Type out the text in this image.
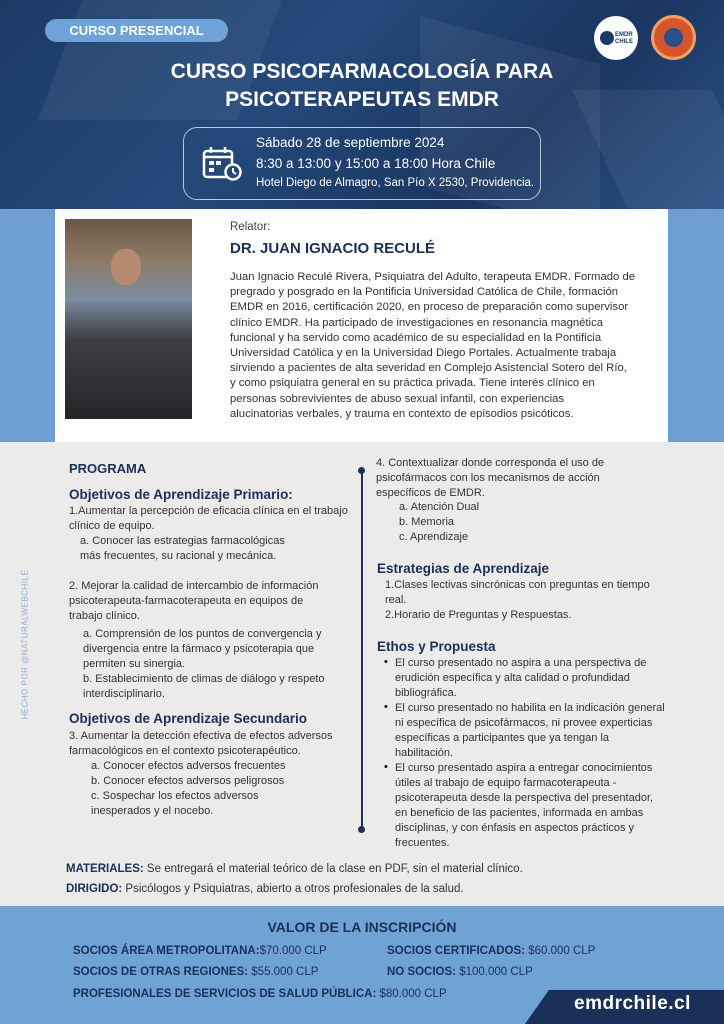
CURSO PRESENCIAL	EMDR CHILE
CURSO PSICOFARMACOLOGÍA PARA
PSICOTERAPEUTAS EMDR
Sábado 28 de septiembre 2024
8:30 a 13:00 y 15:00 a 18:00 Hora Chile
Hotel Diego de Almagro, San Pío X 2530, Providencia.
Relator:
DR. JUAN IGNACIO RECULÉ
Juan Ignacio Reculé Rivera, Psiquiatra del Adulto, terapeuta EMDR. Formado de
pregrado y posgrado en la Pontificia Universidad Católica de Chile, formación
EMDR en 2016, certificación 2020, en proceso de preparación como supervisor
clínico EMDR. Ha participado de investigaciones en resonancia magnética
funcional y ha servido como académico de su especialidad en la Pontificia
Universidad Católica y en la Universidad Diego Portales. Actualmente trabaja
sirviendo a pacientes de alta severidad en Complejo Asistencial Sotero del Río,
y como psiquiatra general en su práctica privada. Tiene interés clínico en
personas sobrevivientes de abuso sexual infantil, con experiencias
alucinatorias verbales, y trauma en contexto de episodios psicóticos.
HECHO POR @NATURALWEBCHILE
PROGRAMA
Objetivos de Aprendizaje Primario:
1.Aumentar la percepción de eficacia clínica en el trabajo
clínico de equipo.
a. Conocer las estrategias farmacológicas
más frecuentes, su racional y mecánica.
2. Mejorar la calidad de intercambio de información
psicoterapeuta-farmacoterapeuta en equipos de
trabajo clínico.
a. Comprensión de los puntos de convergencia y
divergencia entre la fármaco y psicoterapia que
permiten su sinergia.
b. Establecimiento de climas de diálogo y respeto
interdisciplinario.
Objetivos de Aprendizaje Secundario
3. Aumentar la detección efectiva de efectos adversos
farmacológicos en el contexto psicoterapéutico.
a. Conocer efectos adversos frecuentes
b. Conocer efectos adversos peligrosos
c. Sospechar los efectos adversos
inesperados y el nocebo.
4. Contextualizar donde corresponda el uso de
psicofármacos con los mecanismos de acción
específicos de EMDR.
a. Atención Dual
b. Memoria
c. Aprendizaje
Estrategias de Aprendizaje
1.Clases lectivas sincrónicas con preguntas en tiempo
real.
2.Horario de Preguntas y Respuestas.
Ethos y Propuesta
• El curso presentado no aspira a una perspectiva de
erudición específica y alta calidad o profundidad
bibliográfica.
• El curso presentado no habilita en la indicación general
ni específica de psicofármacos, ni provee experticias
específicas a participantes que ya tengan la
habilitación.
• El curso presentado aspira a entregar conocimientos
útiles al trabajo de equipo farmacoterapeuta -
psicoterapeuta desde la perspectiva del presentador,
en beneficio de las pacientes, informada en ambas
disciplinas, y con énfasis en aspectos prácticos y
frecuentes.
MATERIALES: Se entregará el material teórico de la clase en PDF, sin el material clínico.
DIRIGIDO: Psicólogos y Psiquiatras, abierto a otros profesionales de la salud.
VALOR DE LA INSCRIPCIÓN
SOCIOS ÁREA METROPOLITANA:$70.000 CLP	SOCIOS CERTIFICADOS: $60.000 CLP
SOCIOS DE OTRAS REGIONES: $55.000 CLP	NO SOCIOS: $100.000 CLP
PROFESIONALES DE SERVICIOS DE SALUD PÚBLICA: $80.000 CLP	emdrchile.cl
